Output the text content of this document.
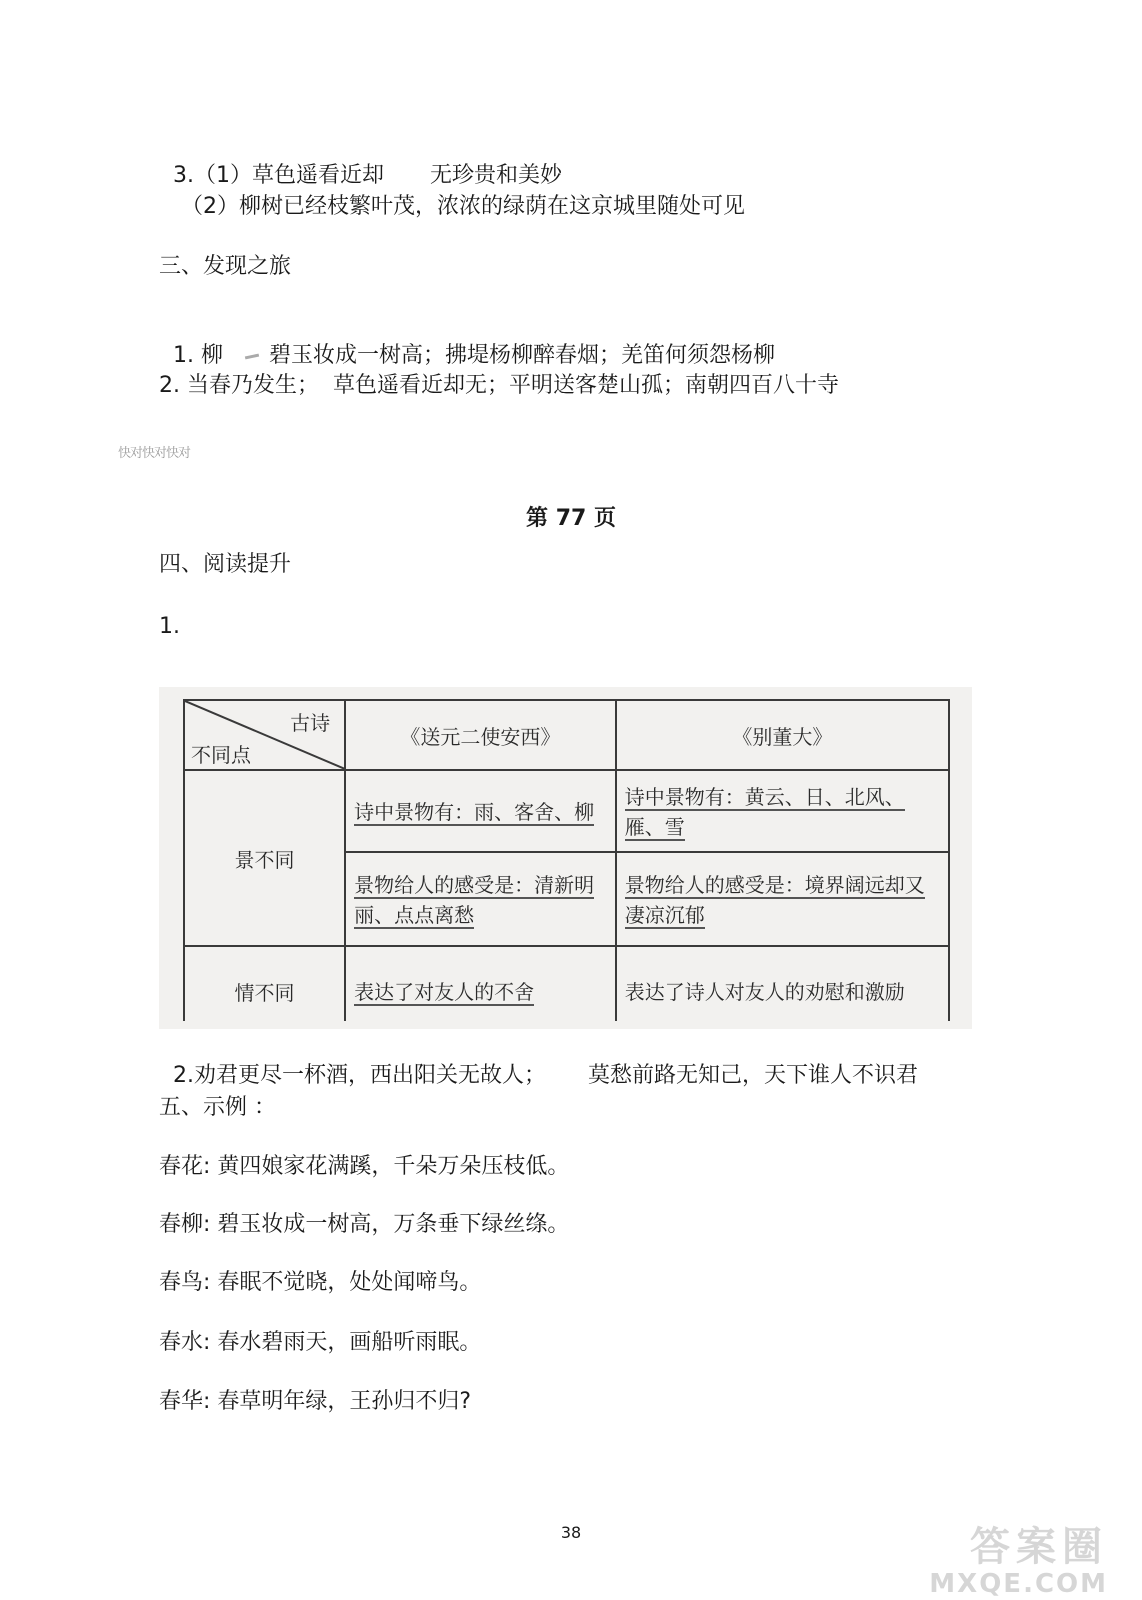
3.（1）草色遥看近却 无珍贵和美妙

（2）柳树已经枝繁叶茂，浓浓的绿荫在这京城里随处可见
三、发现之旅

1. 柳 碧玉妆成一树高；拂堤杨柳醉春烟；羌笛何须怨杨柳

2. 当春乃发生；  草色遥看近却无；平明送客楚山孤；南朝四百八十寺
快对快对快对
第 77 页
四、阅读提升
1.
古诗
不同点	《送元二使安西》	《别董大》
景不同	诗中景物有：雨、客舍、柳	诗中景物有：黄云、日、北风、雁、雪
	景物给人的感受是：清新明丽、点点离愁	景物给人的感受是：境界阔远却又凄凉沉郁
情不同	表达了对友人的不舍	表达了诗人对友人的劝慰和激励

2.劝君更尽一杯酒，西出阳关无故人； 莫愁前路无知己，天下谁人不识君

五、示例 ：
春花: 黄四娘家花满蹊，千朵万朵压枝低。
春柳: 碧玉妆成一树高，万条垂下绿丝绦。
春鸟: 春眠不觉晓，处处闻啼鸟。
春水: 春水碧雨天，画船听雨眠。
春华: 春草明年绿，王孙归不归?
38	答案圈
MXQE.COM
